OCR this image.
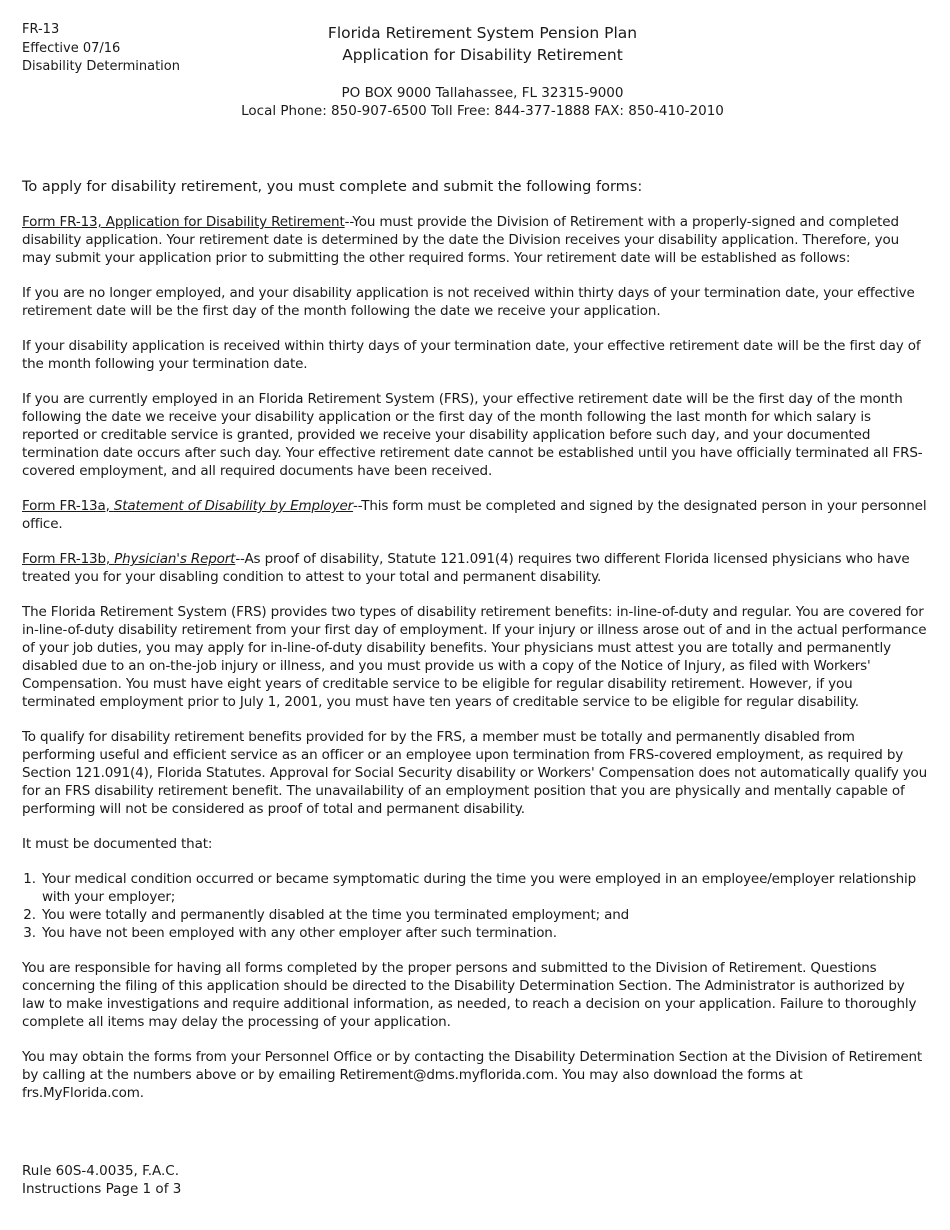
FR-13
Effective 07/16
Disability Determination
Florida Retirement System Pension Plan
Application for Disability Retirement
PO BOX 9000 Tallahassee, FL 32315-9000
Local Phone: 850-907-6500 Toll Free: 844-377-1888 FAX: 850-410-2010

To apply for disability retirement, you must complete and submit the following forms:

Form FR-13, Application for Disability Retirement--You must provide the Division of Retirement with a properly-signed and completed disability application. Your retirement date is determined by the date the Division receives your disability application. Therefore, you may submit your application prior to submitting the other required forms. Your retirement date will be established as follows:

If you are no longer employed, and your disability application is not received within thirty days of your termination date, your effective retirement date will be the first day of the month following the date we receive your application.

If your disability application is received within thirty days of your termination date, your effective retirement date will be the first day of the month following your termination date.

If you are currently employed in an Florida Retirement System (FRS), your effective retirement date will be the first day of the month following the date we receive your disability application or the first day of the month following the last month for which salary is reported or creditable service is granted, provided we receive your disability application before such day, and your documented termination date occurs after such day. Your effective retirement date cannot be established until you have officially terminated all FRS-covered employment, and all required documents have been received.

Form FR-13a, Statement of Disability by Employer--This form must be completed and signed by the designated person in your personnel office.

Form FR-13b, Physician's Report--As proof of disability, Statute 121.091(4) requires two different Florida licensed physicians who have treated you for your disabling condition to attest to your total and permanent disability.

The Florida Retirement System (FRS) provides two types of disability retirement benefits: in-line-of-duty and regular. You are covered for in-line-of-duty disability retirement from your first day of employment. If your injury or illness arose out of and in the actual performance of your job duties, you may apply for in-line-of-duty disability benefits. Your physicians must attest you are totally and permanently disabled due to an on-the-job injury or illness, and you must provide us with a copy of the Notice of Injury, as filed with Workers' Compensation. You must have eight years of creditable service to be eligible for regular disability retirement. However, if you terminated employment prior to July 1, 2001, you must have ten years of creditable service to be eligible for regular disability.

To qualify for disability retirement benefits provided for by the FRS, a member must be totally and permanently disabled from performing useful and efficient service as an officer or an employee upon termination from FRS-covered employment, as required by Section 121.091(4), Florida Statutes. Approval for Social Security disability or Workers' Compensation does not automatically qualify you for an FRS disability retirement benefit. The unavailability of an employment position that you are physically and mentally capable of performing will not be considered as proof of total and permanent disability.

It must be documented that:

1. Your medical condition occurred or became symptomatic during the time you were employed in an employee/employer relationship with your employer;
2. You were totally and permanently disabled at the time you terminated employment; and
3. You have not been employed with any other employer after such termination.

You are responsible for having all forms completed by the proper persons and submitted to the Division of Retirement. Questions concerning the filing of this application should be directed to the Disability Determination Section. The Administrator is authorized by law to make investigations and require additional information, as needed, to reach a decision on your application. Failure to thoroughly complete all items may delay the processing of your application.

You may obtain the forms from your Personnel Office or by contacting the Disability Determination Section at the Division of Retirement by calling at the numbers above or by emailing Retirement@dms.myflorida.com. You may also download the forms at frs.MyFlorida.com.

Rule 60S-4.0035, F.A.C.
Instructions Page 1 of 3
